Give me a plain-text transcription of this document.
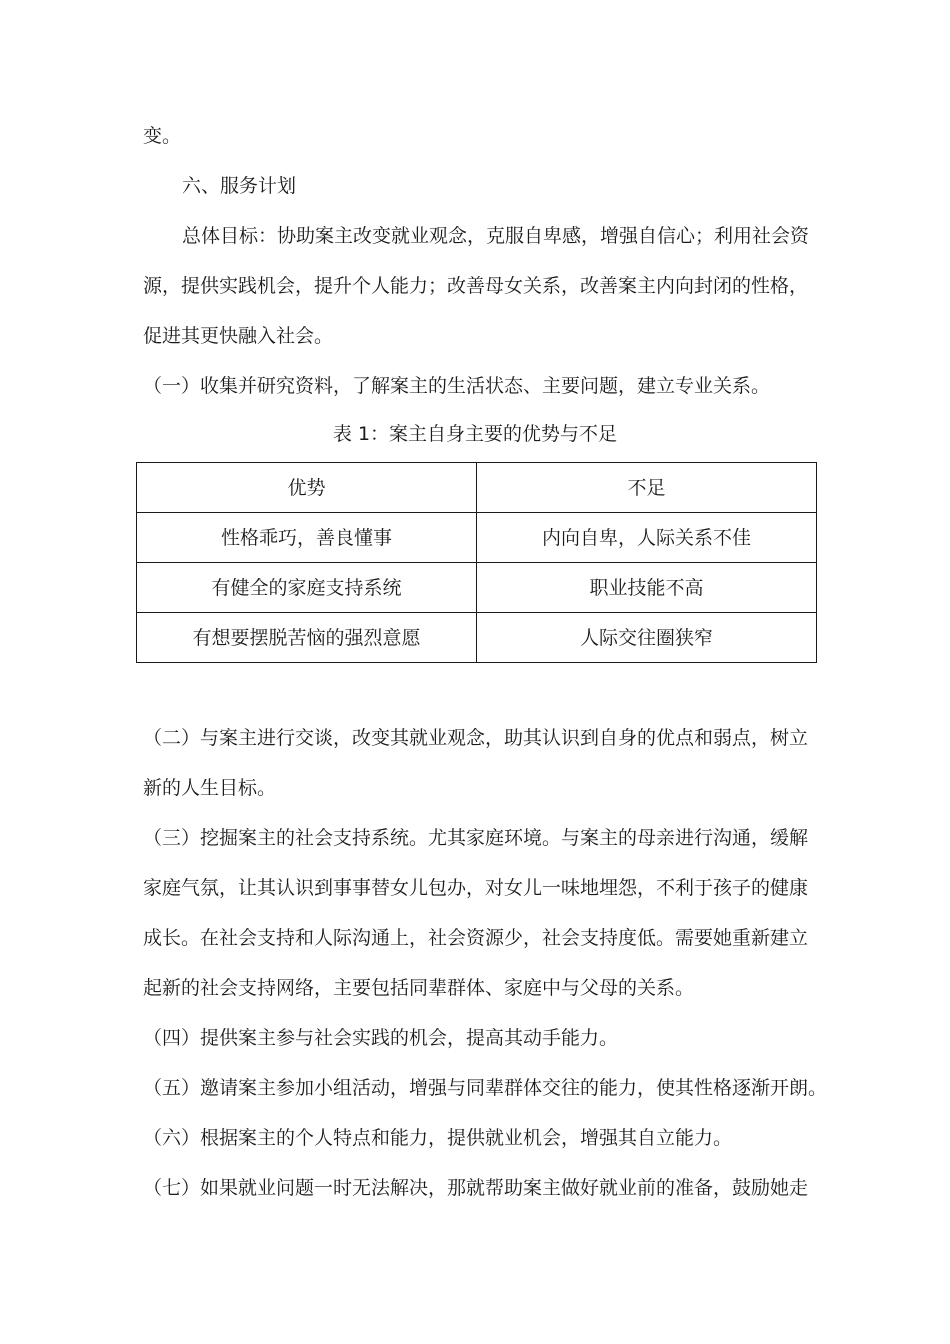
变。
六、服务计划
总体目标：协助案主改变就业观念，克服自卑感，增强自信心；利用社会资
源，提供实践机会，提升个人能力；改善母女关系，改善案主内向封闭的性格，
促进其更快融入社会。
（一）收集并研究资料，了解案主的生活状态、主要问题，建立专业关系。
表 1：案主自身主要的优势与不足
优势	不足
性格乖巧，善良懂事	内向自卑，人际关系不佳
有健全的家庭支持系统	职业技能不高
有想要摆脱苦恼的强烈意愿	人际交往圈狭窄
（二）与案主进行交谈，改变其就业观念，助其认识到自身的优点和弱点，树立
新的人生目标。
（三）挖掘案主的社会支持系统。尤其家庭环境。与案主的母亲进行沟通，缓解
家庭气氛，让其认识到事事替女儿包办，对女儿一味地埋怨，不利于孩子的健康
成长。在社会支持和人际沟通上，社会资源少，社会支持度低。需要她重新建立
起新的社会支持网络，主要包括同辈群体、家庭中与父母的关系。
（四）提供案主参与社会实践的机会，提高其动手能力。
（五）邀请案主参加小组活动，增强与同辈群体交往的能力，使其性格逐渐开朗。
（六）根据案主的个人特点和能力，提供就业机会，增强其自立能力。
（七）如果就业问题一时无法解决，那就帮助案主做好就业前的准备，鼓励她走
